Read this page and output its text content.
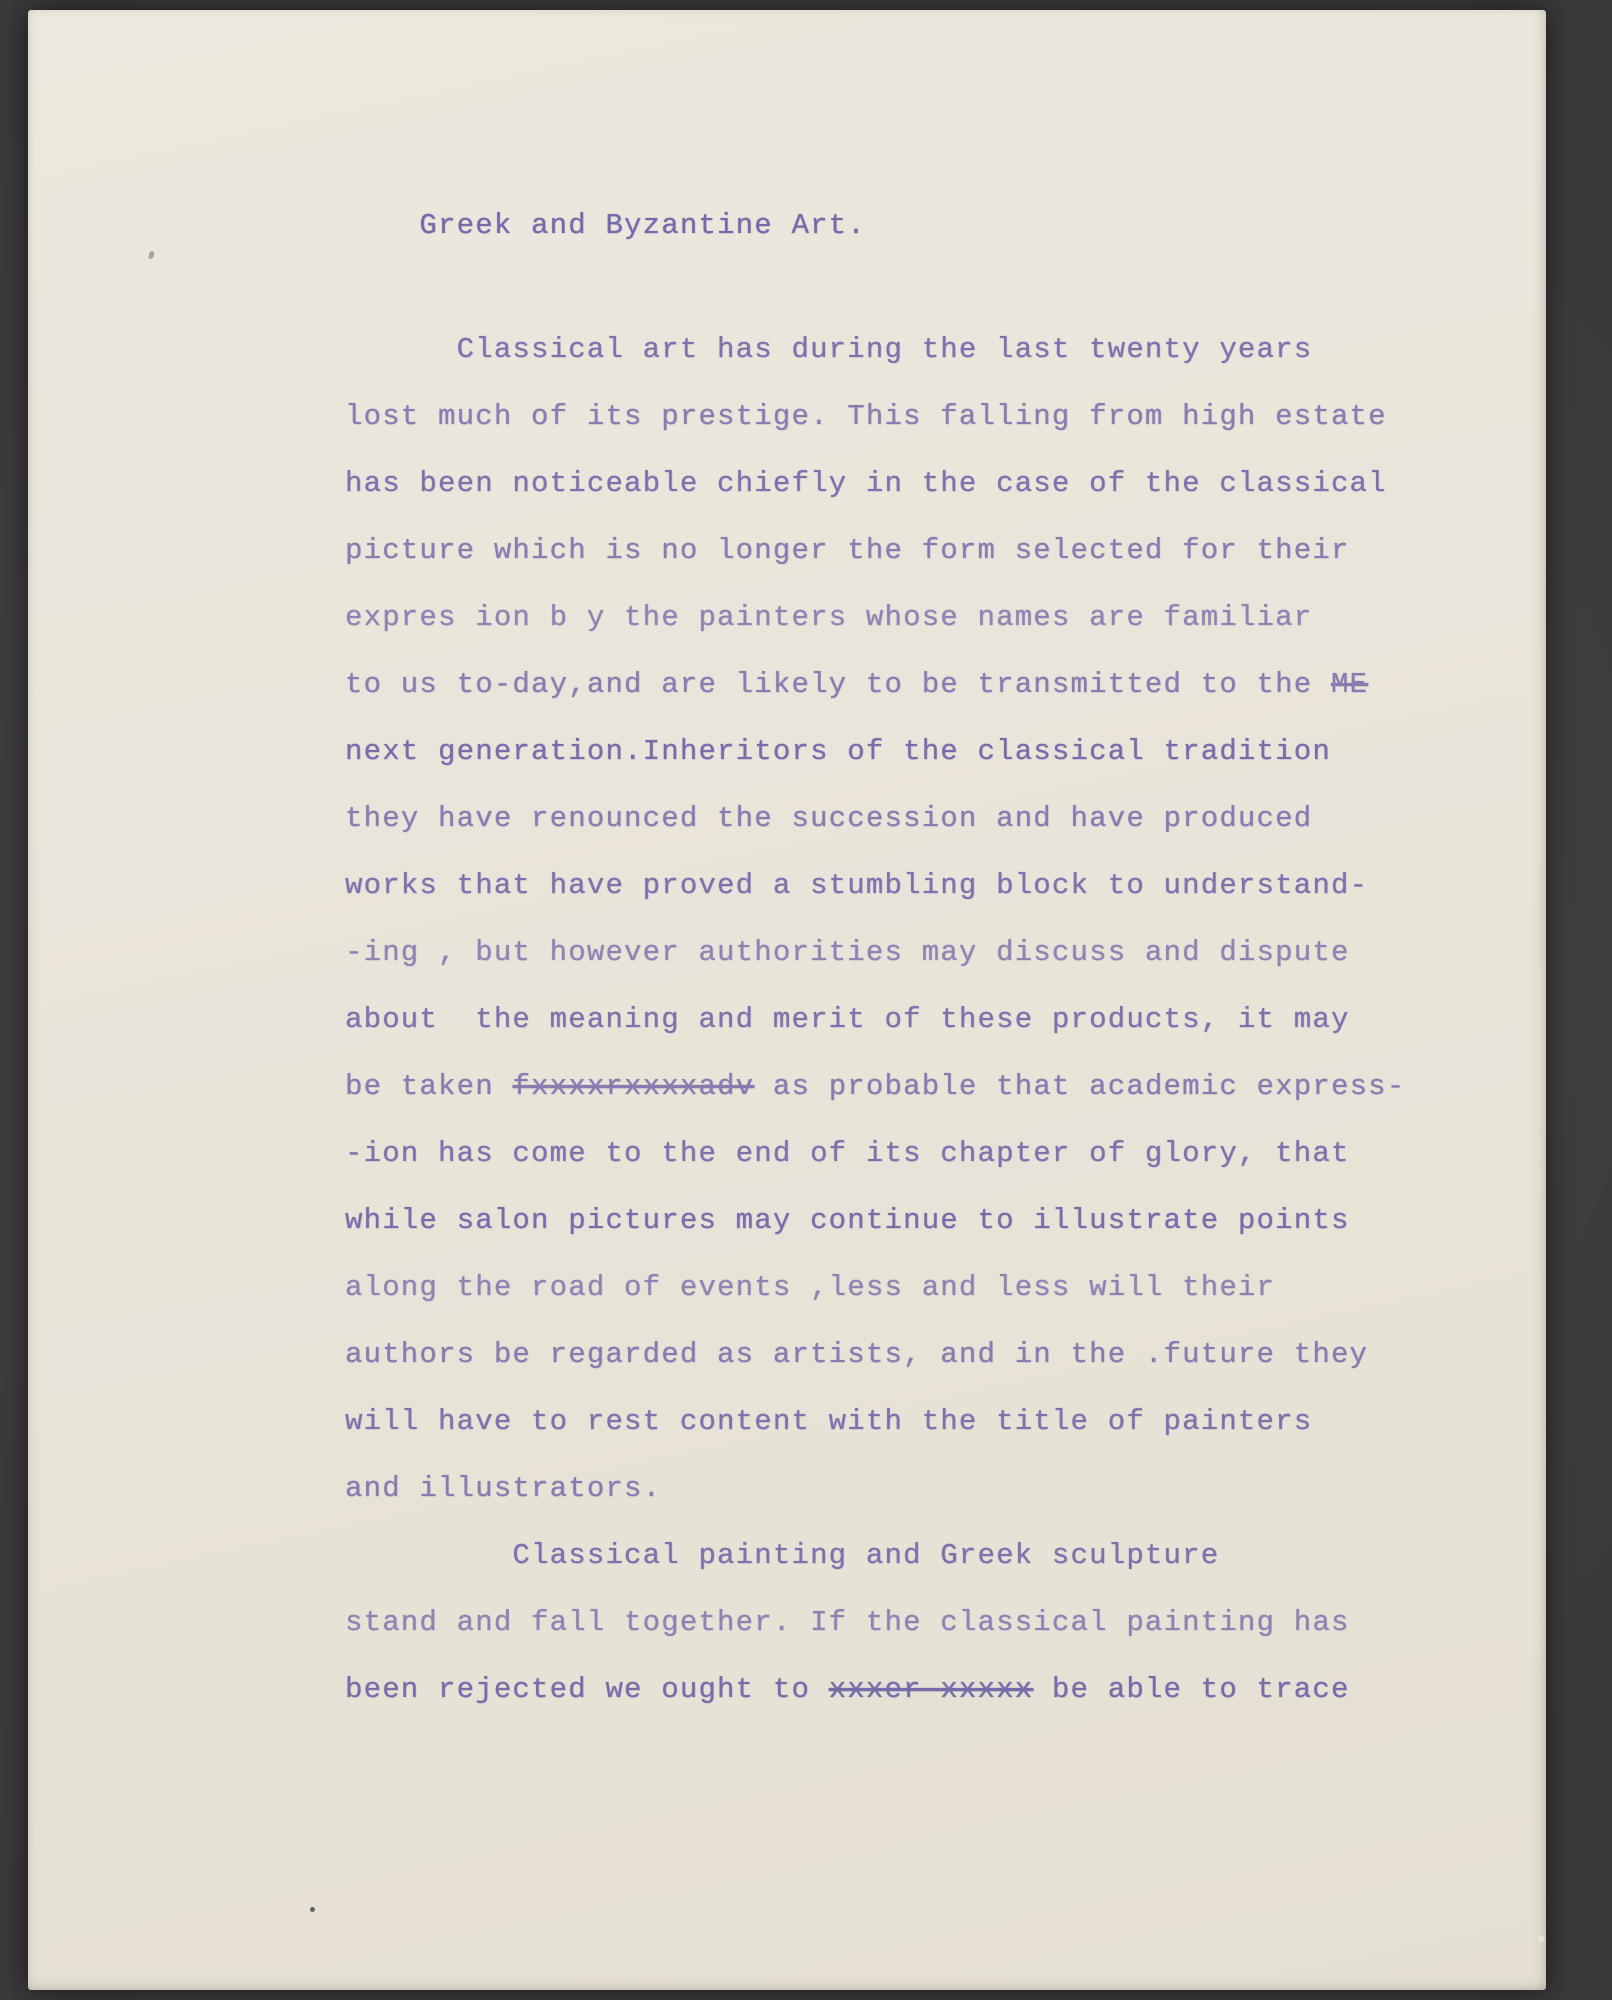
Greek and Byzantine Art.
Classical art has during the last twenty years
lost much of its prestige. This falling from high estate
has been noticeable chiefly in the case of the classical
picture which is no longer the form selected for their
expres ion b y the painters whose names are familiar
to us to-day,and are likely to be transmitted to the ME
next generation.Inheritors of the classical tradition
they have renounced the succession and have produced
works that have proved a stumbling block to understand-
-ing , but however authorities may discuss and dispute
about  the meaning and merit of these products, it may
be taken fxxxxrxxxxadv as probable that academic express-
-ion has come to the end of its chapter of glory, that
while salon pictures may continue to illustrate points
along the road of events ,less and less will their
authors be regarded as artists, and in the .future they
will have to rest content with the title of painters
and illustrators.
Classical painting and Greek sculpture
stand and fall together. If the classical painting has
been rejected we ought to xxxer xxxxx be able to trace
